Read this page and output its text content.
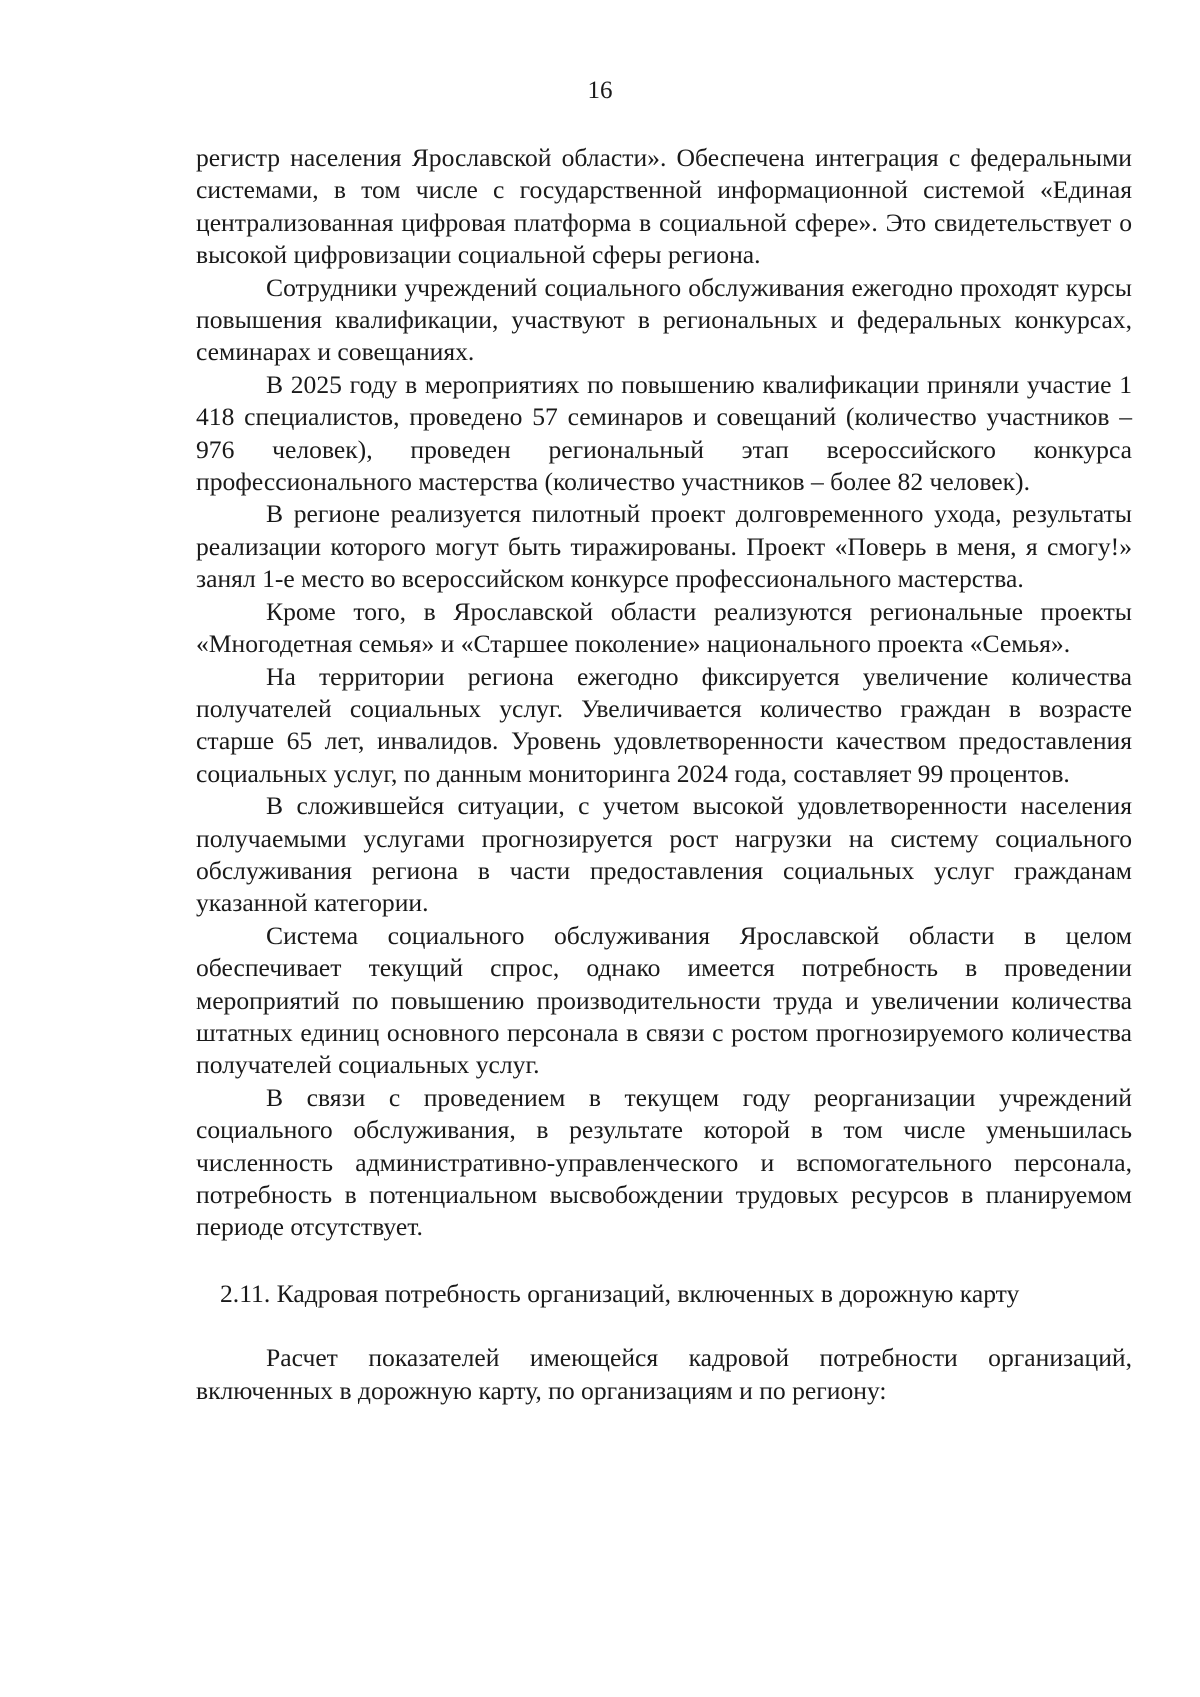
16

регистр населения Ярославской области». Обеспечена интеграция с федеральными системами, в том числе с государственной информационной системой «Единая централизованная цифровая платформа в социальной сфере». Это свидетельствует о высокой цифровизации социальной сферы региона.

Сотрудники учреждений социального обслуживания ежегодно проходят курсы повышения квалификации, участвуют в региональных и федеральных конкурсах, семинарах и совещаниях.

В 2025 году в мероприятиях по повышению квалификации приняли участие 1 418 специалистов, проведено 57 семинаров и совещаний (количество участников – 976 человек), проведен региональный этап всероссийского конкурса профессионального мастерства (количество участников – более 82 человек).

В регионе реализуется пилотный проект долговременного ухода, результаты реализации которого могут быть тиражированы. Проект «Поверь в меня, я смогу!» занял 1-е место во всероссийском конкурсе профессионального мастерства.

Кроме того, в Ярославской области реализуются региональные проекты «Многодетная семья» и «Старшее поколение» национального проекта «Семья».

На территории региона ежегодно фиксируется увеличение количества получателей социальных услуг. Увеличивается количество граждан в возрасте старше 65 лет, инвалидов. Уровень удовлетворенности качеством предоставления социальных услуг, по данным мониторинга 2024 года, составляет 99 процентов.

В сложившейся ситуации, с учетом высокой удовлетворенности населения получаемыми услугами прогнозируется рост нагрузки на систему социального обслуживания региона в части предоставления социальных услуг гражданам указанной категории.

Система социального обслуживания Ярославской области в целом обеспечивает текущий спрос, однако имеется потребность в проведении мероприятий по повышению производительности труда и увеличении количества штатных единиц основного персонала в связи с ростом прогнозируемого количества получателей социальных услуг.

В связи с проведением в текущем году реорганизации учреждений социального обслуживания, в результате которой в том числе уменьшилась численность административно-управленческого и вспомогательного персонала, потребность в потенциальном высвобождении трудовых ресурсов в планируемом периоде отсутствует.

2.11. Кадровая потребность организаций, включенных в дорожную карту

Расчет показателей имеющейся кадровой потребности организаций, включенных в дорожную карту, по организациям и по региону:
